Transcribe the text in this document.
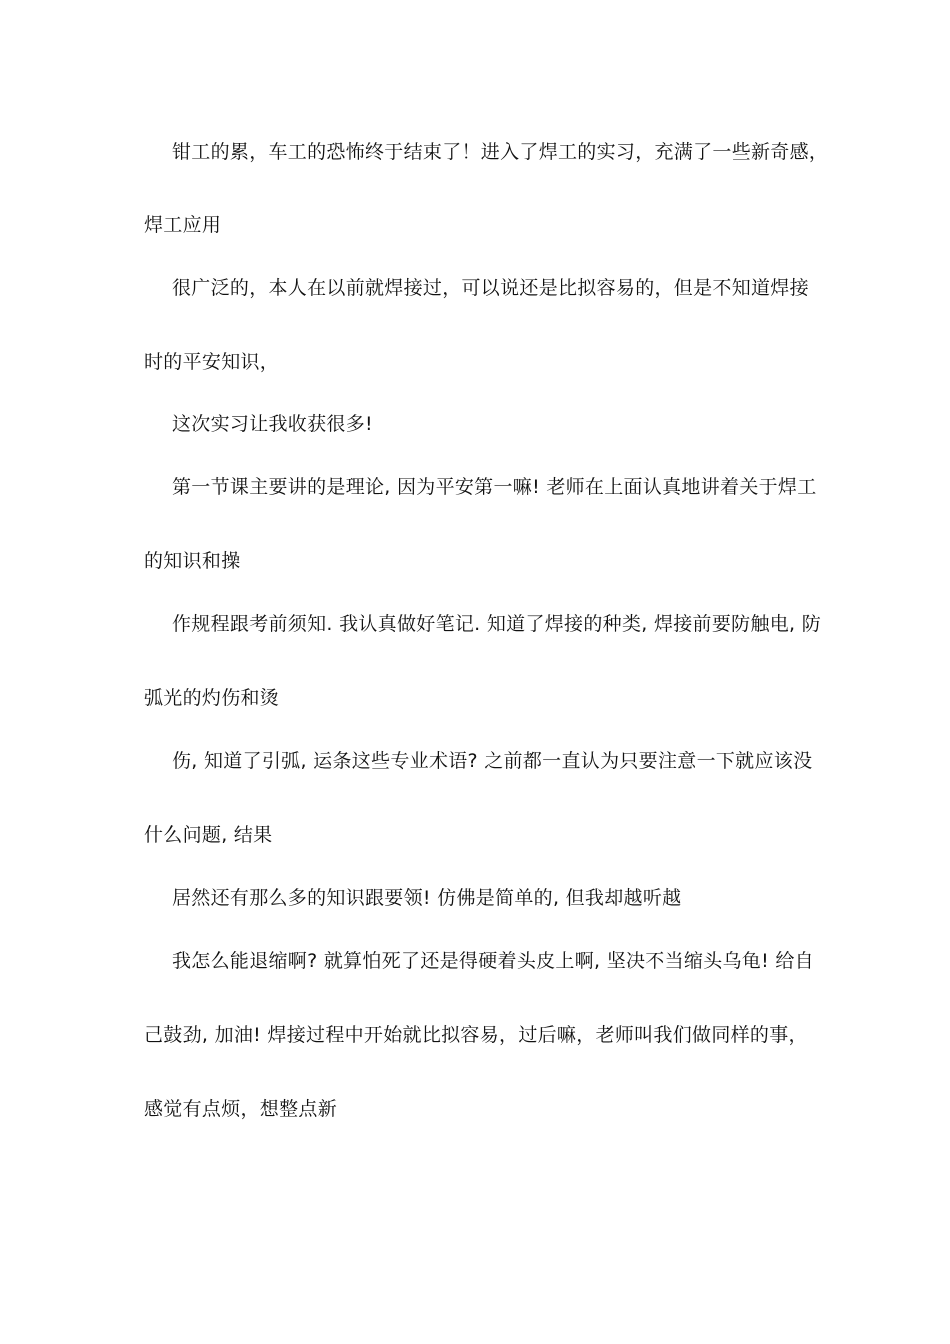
钳工的累，车工的恐怖终于结束了！进入了焊工的实习，充满了一些新奇感，
焊工应用
很广泛的，本人在以前就焊接过，可以说还是比拟容易的，但是不知道焊接
时的平安知识，
这次实习让我收获很多!
第一节课主要讲的是理论, 因为平安第一嘛! 老师在上面认真地讲着关于焊工
的知识和操
作规程跟考前须知. 我认真做好笔记. 知道了焊接的种类, 焊接前要防触电, 防
弧光的灼伤和烫
伤, 知道了引弧, 运条这些专业术语? 之前都一直认为只要注意一下就应该没
什么问题, 结果
居然还有那么多的知识跟要领! 仿佛是简单的, 但我却越听越
我怎么能退缩啊? 就算怕死了还是得硬着头皮上啊, 坚决不当缩头乌龟! 给自
己鼓劲, 加油! 焊接过程中开始就比拟容易，过后嘛，老师叫我们做同样的事，
感觉有点烦，想整点新
